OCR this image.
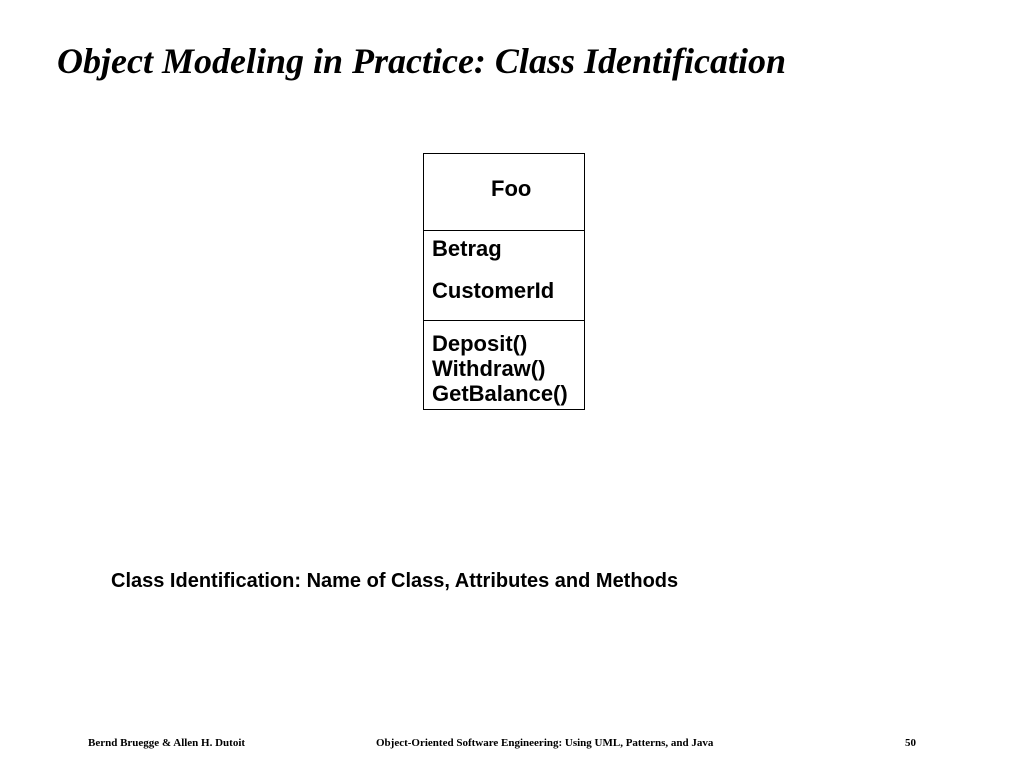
Object Modeling in Practice: Class Identification
Foo
Betrag
CustomerId
Deposit()
Withdraw()
GetBalance()

Class Identification: Name of Class, Attributes and Methods

Bernd Bruegge & Allen H. Dutoit	Object-Oriented Software Engineering: Using UML, Patterns, and Java	50
